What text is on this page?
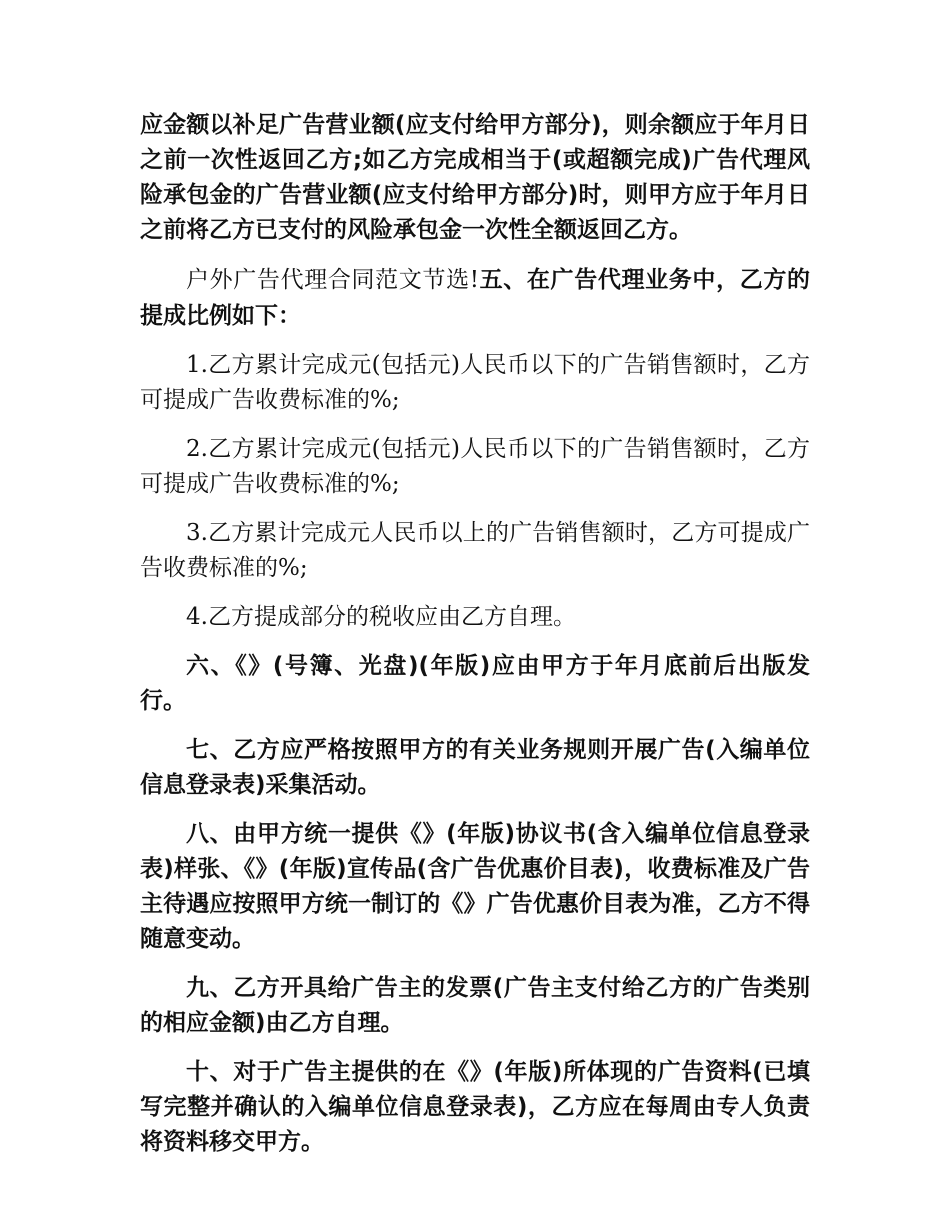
应金额以补足广告营业额(应支付给甲方部分)，则余额应于年月日之前一次性返回乙方;如乙方完成相当于(或超额完成)广告代理风险承包金的广告营业额(应支付给甲方部分)时，则甲方应于年月日之前将乙方已支付的风险承包金一次性全额返回乙方。

户外广告代理合同范文节选!五、在广告代理业务中，乙方的提成比例如下：

1.乙方累计完成元(包括元)人民币以下的广告销售额时，乙方可提成广告收费标准的%;

2.乙方累计完成元(包括元)人民币以下的广告销售额时，乙方可提成广告收费标准的%;

3.乙方累计完成元人民币以上的广告销售额时，乙方可提成广告收费标准的%;

4.乙方提成部分的税收应由乙方自理。

六、《》(号簿、光盘)(年版)应由甲方于年月底前后出版发行。

七、乙方应严格按照甲方的有关业务规则开展广告(入编单位信息登录表)采集活动。

八、由甲方统一提供《》(年版)协议书(含入编单位信息登录表)样张、《》(年版)宣传品(含广告优惠价目表)，收费标准及广告主待遇应按照甲方统一制订的《》广告优惠价目表为准，乙方不得随意变动。

九、乙方开具给广告主的发票(广告主支付给乙方的广告类别的相应金额)由乙方自理。

十、对于广告主提供的在《》(年版)所体现的广告资料(已填写完整并确认的入编单位信息登录表)，乙方应在每周由专人负责将资料移交甲方。
